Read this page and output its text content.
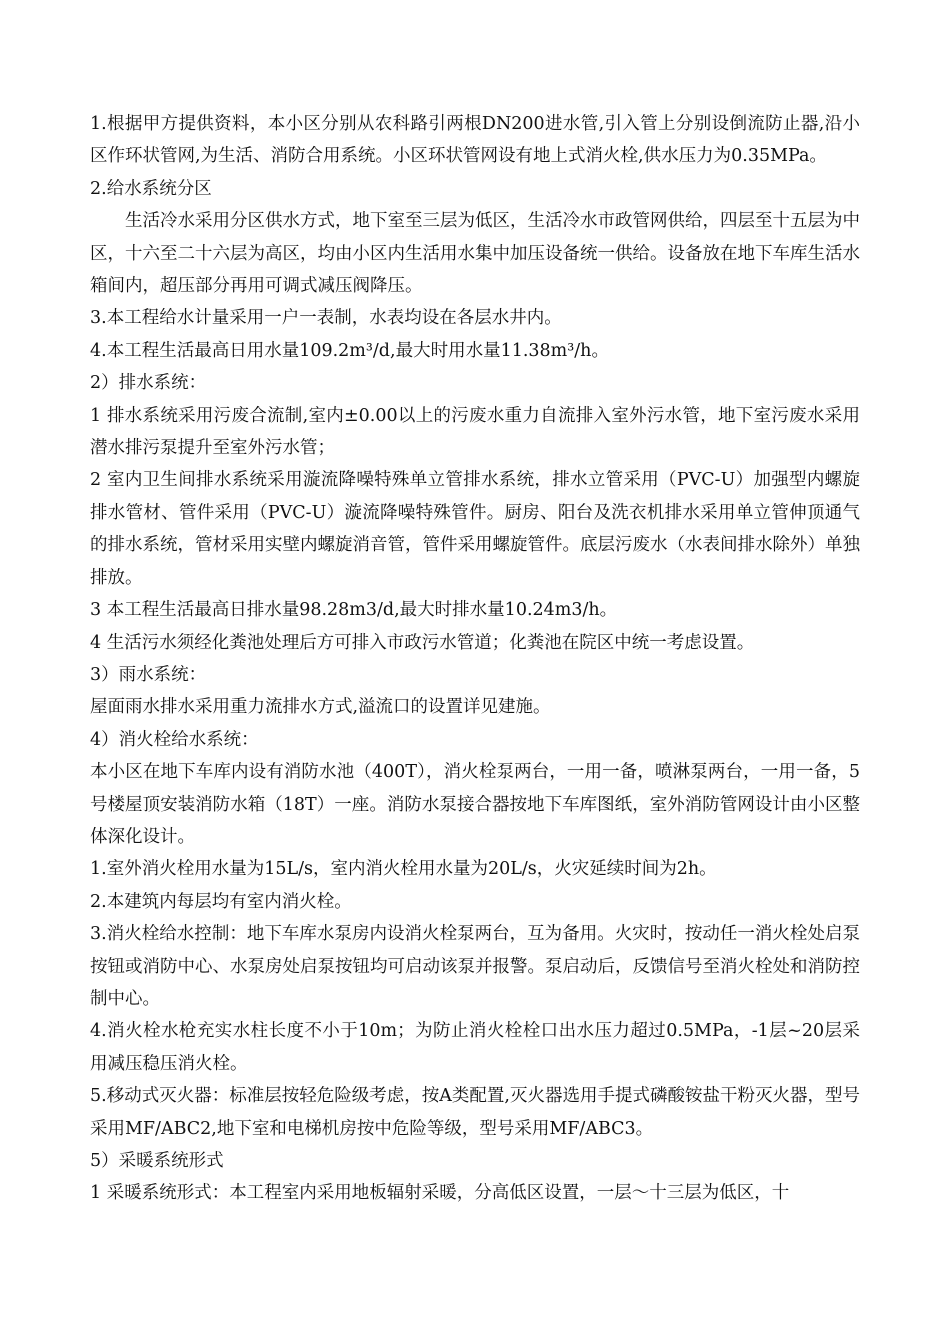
1.根据甲方提供资料，本小区分别从农科路引两根DN200进水管,引入管上分别设倒流防止器,沿小区作环状管网,为生活、消防合用系统。小区环状管网设有地上式消火栓,供水压力为0.35MPa。

2.给水系统分区

生活冷水采用分区供水方式，地下室至三层为低区，生活冷水市政管网供给，四层至十五层为中区，十六至二十六层为高区，均由小区内生活用水集中加压设备统一供给。设备放在地下车库生活水箱间内，超压部分再用可调式减压阀降压。

3.本工程给水计量采用一户一表制，水表均设在各层水井内。

4.本工程生活最高日用水量109.2m³/d,最大时用水量11.38m³/h。

2）排水系统：

1 排水系统采用污废合流制,室内±0.00以上的污废水重力自流排入室外污水管，地下室污废水采用潜水排污泵提升至室外污水管；

2 室内卫生间排水系统采用漩流降噪特殊单立管排水系统，排水立管采用（PVC-U）加强型内螺旋排水管材、管件采用（PVC-U）漩流降噪特殊管件。厨房、阳台及洗衣机排水采用单立管伸顶通气的排水系统，管材采用实壁内螺旋消音管，管件采用螺旋管件。底层污废水（水表间排水除外）单独排放。

3 本工程生活最高日排水量98.28m3/d,最大时排水量10.24m3/h。

4 生活污水须经化粪池处理后方可排入市政污水管道；化粪池在院区中统一考虑设置。

3）雨水系统：

屋面雨水排水采用重力流排水方式,溢流口的设置详见建施。

4）消火栓给水系统：

本小区在地下车库内设有消防水池（400T），消火栓泵两台，一用一备，喷淋泵两台，一用一备，5号楼屋顶安装消防水箱（18T）一座。消防水泵接合器按地下车库图纸，室外消防管网设计由小区整体深化设计。

1.室外消火栓用水量为15L/s，室内消火栓用水量为20L/s，火灾延续时间为2h。

2.本建筑内每层均有室内消火栓。

3.消火栓给水控制：地下车库水泵房内设消火栓泵两台，互为备用。火灾时，按动任一消火栓处启泵按钮或消防中心、水泵房处启泵按钮均可启动该泵并报警。泵启动后，反馈信号至消火栓处和消防控制中心。

4.消火栓水枪充实水柱长度不小于10m；为防止消火栓栓口出水压力超过0.5MPa，-1层~20层采用减压稳压消火栓。

5.移动式灭火器：标准层按轻危险级考虑，按A类配置,灭火器选用手提式磷酸铵盐干粉灭火器，型号采用MF/ABC2,地下室和电梯机房按中危险等级，型号采用MF/ABC3。

5）采暖系统形式

1 采暖系统形式：本工程室内采用地板辐射采暖，分高低区设置，一层～十三层为低区，十
